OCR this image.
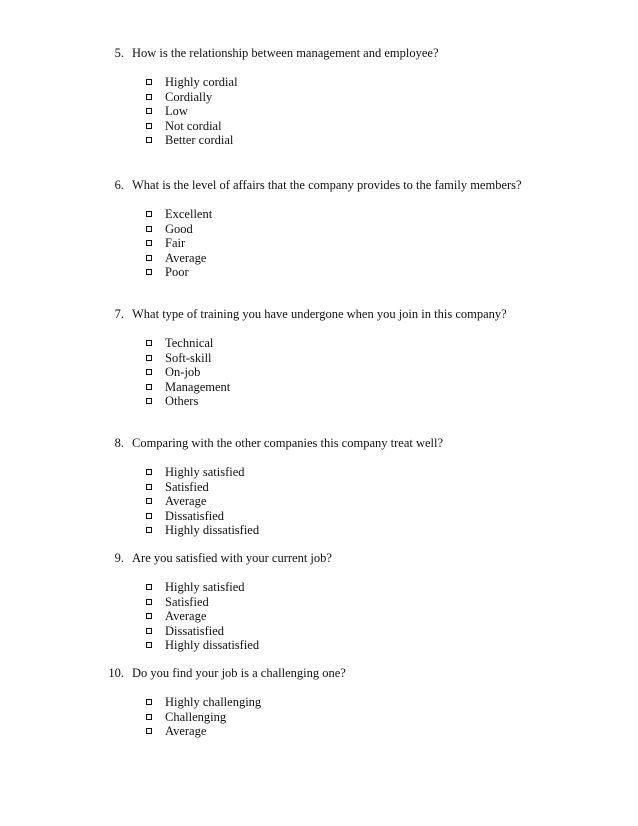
5. How is the relationship between management and employee?
Highly cordial
Cordially
Low
Not cordial
Better cordial
6. What is the level of affairs that the company provides to the family members?
Excellent
Good
Fair
Average
Poor
7. What type of training you have undergone when you join in this company?
Technical
Soft-skill
On-job
Management
Others
8. Comparing with the other companies this company treat well?
Highly satisfied
Satisfied
Average
Dissatisfied
Highly dissatisfied
9. Are you satisfied with your current job?
Highly satisfied
Satisfied
Average
Dissatisfied
Highly dissatisfied
10. Do you find your job is a challenging one?
Highly challenging
Challenging
Average
